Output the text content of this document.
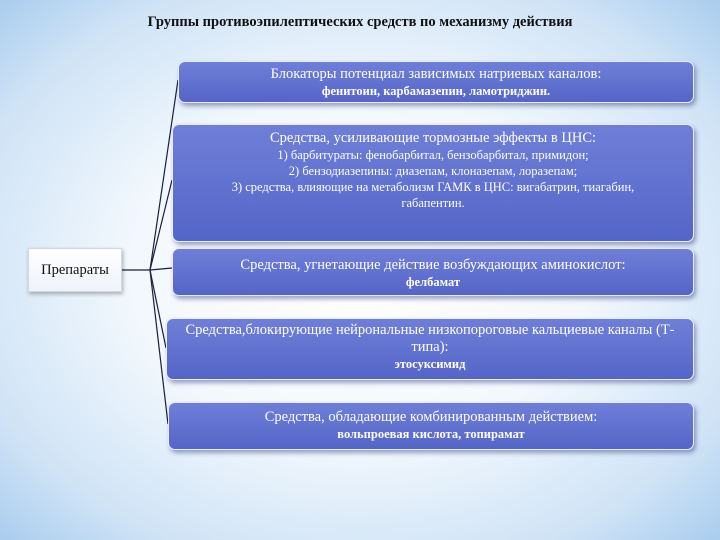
Группы противоэпилептических средств по механизму действия
Препараты
Блокаторы потенциал зависимых натриевых каналов:
фенитоин, карбамазепин, ламотриджин.
Средства, усиливающие тормозные эффекты в ЦНС:
1) барбитураты: фенобарбитал, бензобарбитал, примидон;
2) бензодиазепины: диазепам, клоназепам, лоразепам;
3) средства, влияющие на метаболизм ГАМК в ЦНС: вигабатрин, тиагабин, габапентин.
Средства, угнетающие действие возбуждающих аминокислот:
фелбамат
Средства,блокирующие нейрональные низкопороговые кальциевые каналы (Т-типа):
этосуксимид
Средства, обладающие комбинированным действием:
вольпроевая кислота, топирамат
